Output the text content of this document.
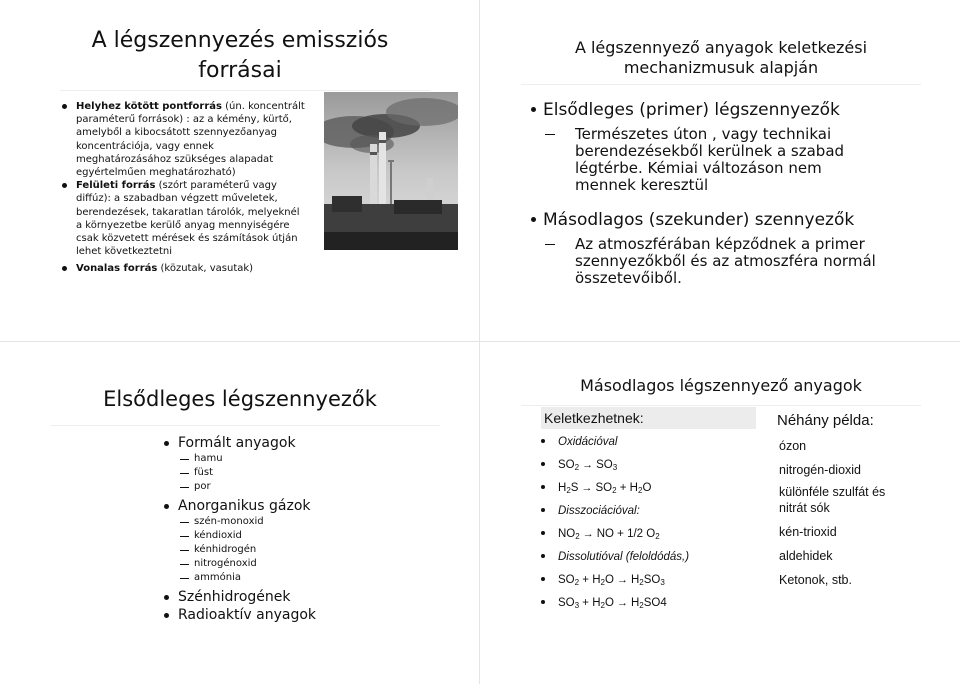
A légszennyezés emissziós
forrásai
Helyhez kötött pontforrás (ún. koncentrált paraméterű források) : az a kémény, kürtő, amelyből a kibocsátott szennyezőanyag koncentrációja, vagy ennek meghatározásához szükséges alapadat egyértelműen meghatározható)
Felületi forrás (szórt paraméterű vagy diffúz): a szabadban végzett műveletek, berendezések, takaratlan tárolók, melyeknél a környezetbe kerülő anyag mennyiségére csak közvetett mérések és számítások útján lehet következtetni
Vonalas forrás (közutak, vasutak)
A légszennyező anyagok keletkezési
mechanizmusuk alapján
Elsődleges (primer) légszennyezők
Természetes úton , vagy technikai berendezésekből kerülnek a szabad légtérbe. Kémiai változáson nem mennek keresztül
Másodlagos (szekunder) szennyezők
Az atmoszférában képződnek a primer szennyezőkből és az atmoszféra normál összetevőiből.
Elsődleges légszennyezők
Formált anyagok
hamu
füst
por
Anorganikus gázok
szén-monoxid
kéndioxid
kénhidrogén
nitrogénoxid
ammónia
Szénhidrogének
Radioaktív anyagok
Másodlagos légszennyező anyagok
Keletkezhetnek:	Néhány példa:
Oxidációval
$SO_2 \to SO_3$
$H_2S \to SO_2 + H_2O$
Disszociációval:
$NO_2$ → NO + 1/2 $O_2$
Dissolutióval (feloldódás,)
$SO_2 + H_2O \to H_2SO_3$
$SO_3 + H_2O \to H_2SO4$
ózon
nitrogén-dioxid
különféle szulfát és nitrát sók
kén-trioxid
aldehidek
Ketonok, stb.
